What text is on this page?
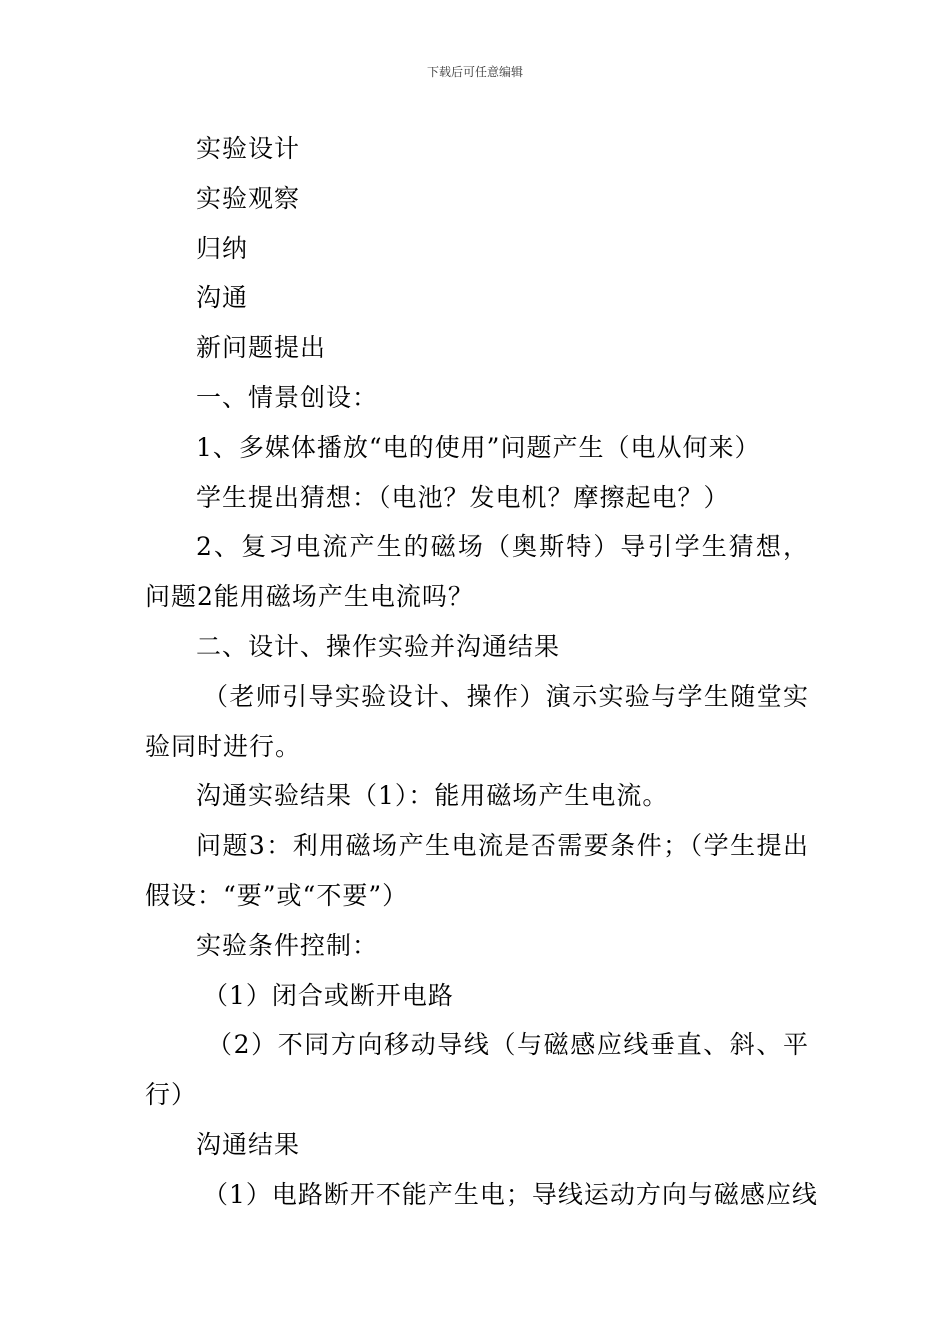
下载后可任意编辑

实验设计

实验观察

归纳

沟通

新问题提出

一、情景创设：

1、多媒体播放“电的使用”问题产生（电从何来）

学生提出猜想：（电池？发电机？摩擦起电？）

2、复习电流产生的磁场（奥斯特）导引学生猜想，问题2能用磁场产生电流吗？

二、设计、操作实验并沟通结果

（老师引导实验设计、操作）演示实验与学生随堂实验同时进行。

沟通实验结果（1）：能用磁场产生电流。

问题3：利用磁场产生电流是否需要条件；（学生提出假设：“要”或“不要”）

实验条件控制：

（1）闭合或断开电路

（2）不同方向移动导线（与磁感应线垂直、斜、平行）

沟通结果

（1）电路断开不能产生电；导线运动方向与磁感应线
